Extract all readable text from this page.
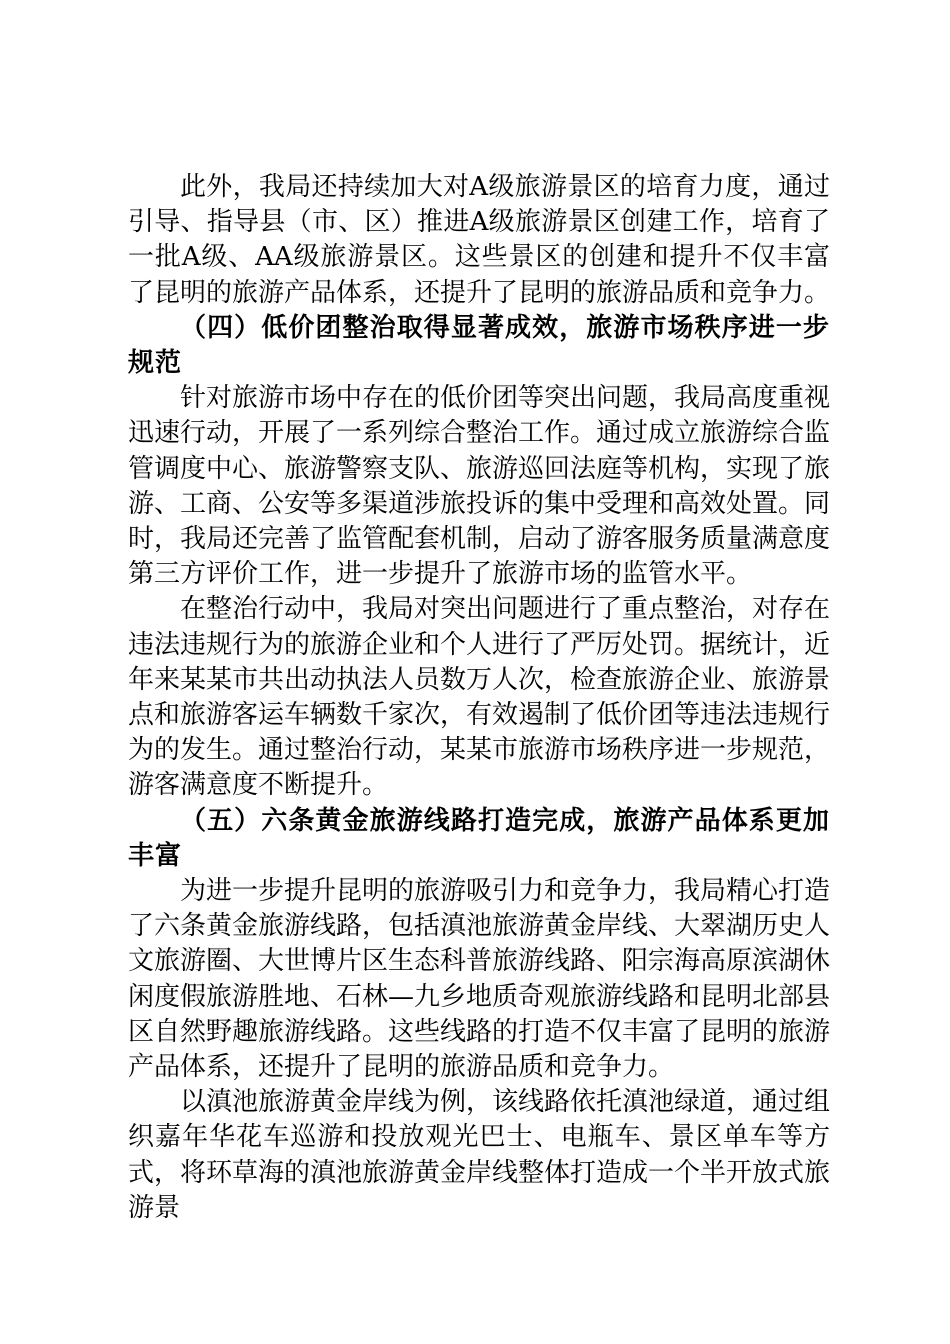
此外，我局还持续加大对A级旅游景区的培育力度，通过引导、指导县（市、区）推进A级旅游景区创建工作，培育了一批A级、AA级旅游景区。这些景区的创建和提升不仅丰富了昆明的旅游产品体系，还提升了昆明的旅游品质和竞争力。

（四）低价团整治取得显著成效，旅游市场秩序进一步规范

针对旅游市场中存在的低价团等突出问题，我局高度重视迅速行动，开展了一系列综合整治工作。通过成立旅游综合监管调度中心、旅游警察支队、旅游巡回法庭等机构，实现了旅游、工商、公安等多渠道涉旅投诉的集中受理和高效处置。同时，我局还完善了监管配套机制，启动了游客服务质量满意度第三方评价工作，进一步提升了旅游市场的监管水平。

在整治行动中，我局对突出问题进行了重点整治，对存在违法违规行为的旅游企业和个人进行了严厉处罚。据统计，近年来某某市共出动执法人员数万人次，检查旅游企业、旅游景点和旅游客运车辆数千家次，有效遏制了低价团等违法违规行为的发生。通过整治行动，某某市旅游市场秩序进一步规范，游客满意度不断提升。

（五）六条黄金旅游线路打造完成，旅游产品体系更加丰富

为进一步提升昆明的旅游吸引力和竞争力，我局精心打造了六条黄金旅游线路，包括滇池旅游黄金岸线、大翠湖历史人文旅游圈、大世博片区生态科普旅游线路、阳宗海高原滨湖休闲度假旅游胜地、石林—九乡地质奇观旅游线路和昆明北部县区自然野趣旅游线路。这些线路的打造不仅丰富了昆明的旅游产品体系，还提升了昆明的旅游品质和竞争力。

以滇池旅游黄金岸线为例，该线路依托滇池绿道，通过组织嘉年华花车巡游和投放观光巴士、电瓶车、景区单车等方式，将环草海的滇池旅游黄金岸线整体打造成一个半开放式旅游景
